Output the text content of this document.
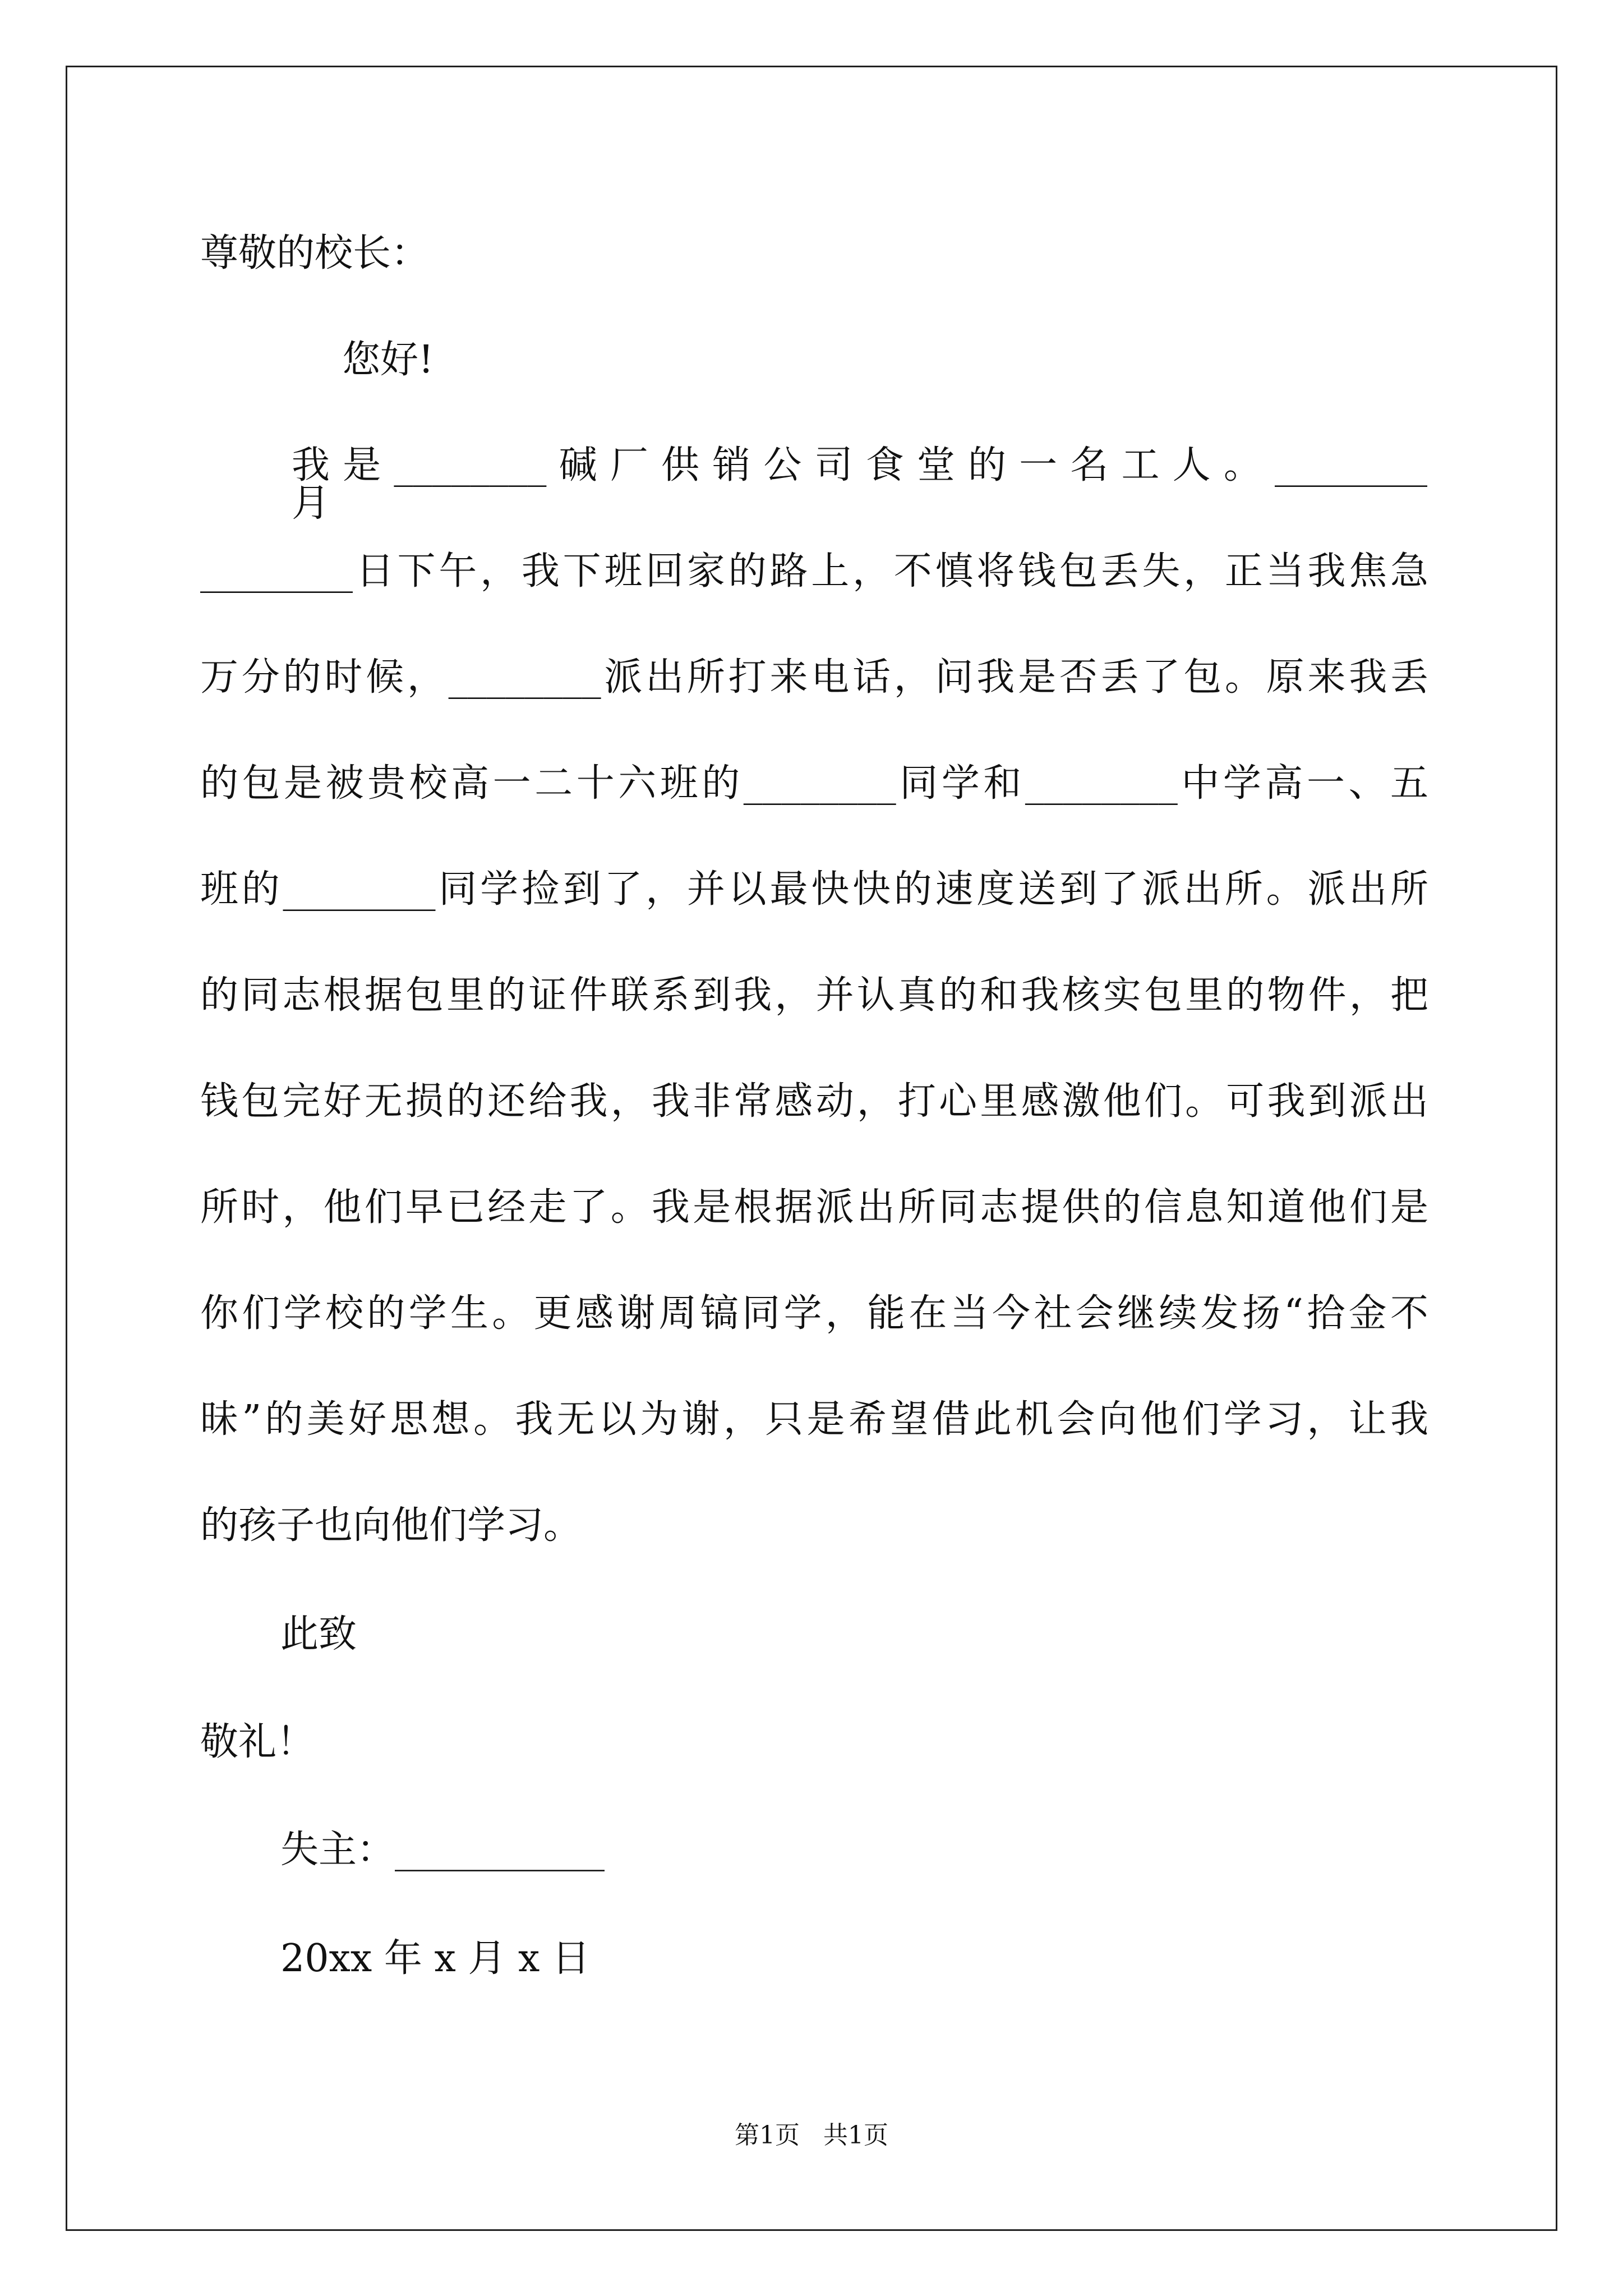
尊敬的校长：
您好!
我 是 ________ 碱 厂 供 销 公 司 食 堂 的 一 名 工 人 。 ________ 月
________日下午，我下班回家的路上，不慎将钱包丢失，正当我焦急
万分的时候，________派出所打来电话，问我是否丢了包。原来我丢
的包是被贵校高一二十六班的________同学和________中学高一、五
班的________同学捡到了，并以最快快的速度送到了派出所。派出所
的同志根据包里的证件联系到我，并认真的和我核实包里的物件，把
钱包完好无损的还给我，我非常感动，打心里感激他们。可我到派出
所时，他们早已经走了。我是根据派出所同志提供的信息知道他们是
你们学校的学生。更感谢周镐同学，能在当今社会继续发扬“拾金不
昧”的美好思想。我无以为谢，只是希望借此机会向他们学习，让我
的孩子也向他们学习。
此致
敬礼！
失主：___________
20xx 年 x 月 x 日
第1页   共1页
